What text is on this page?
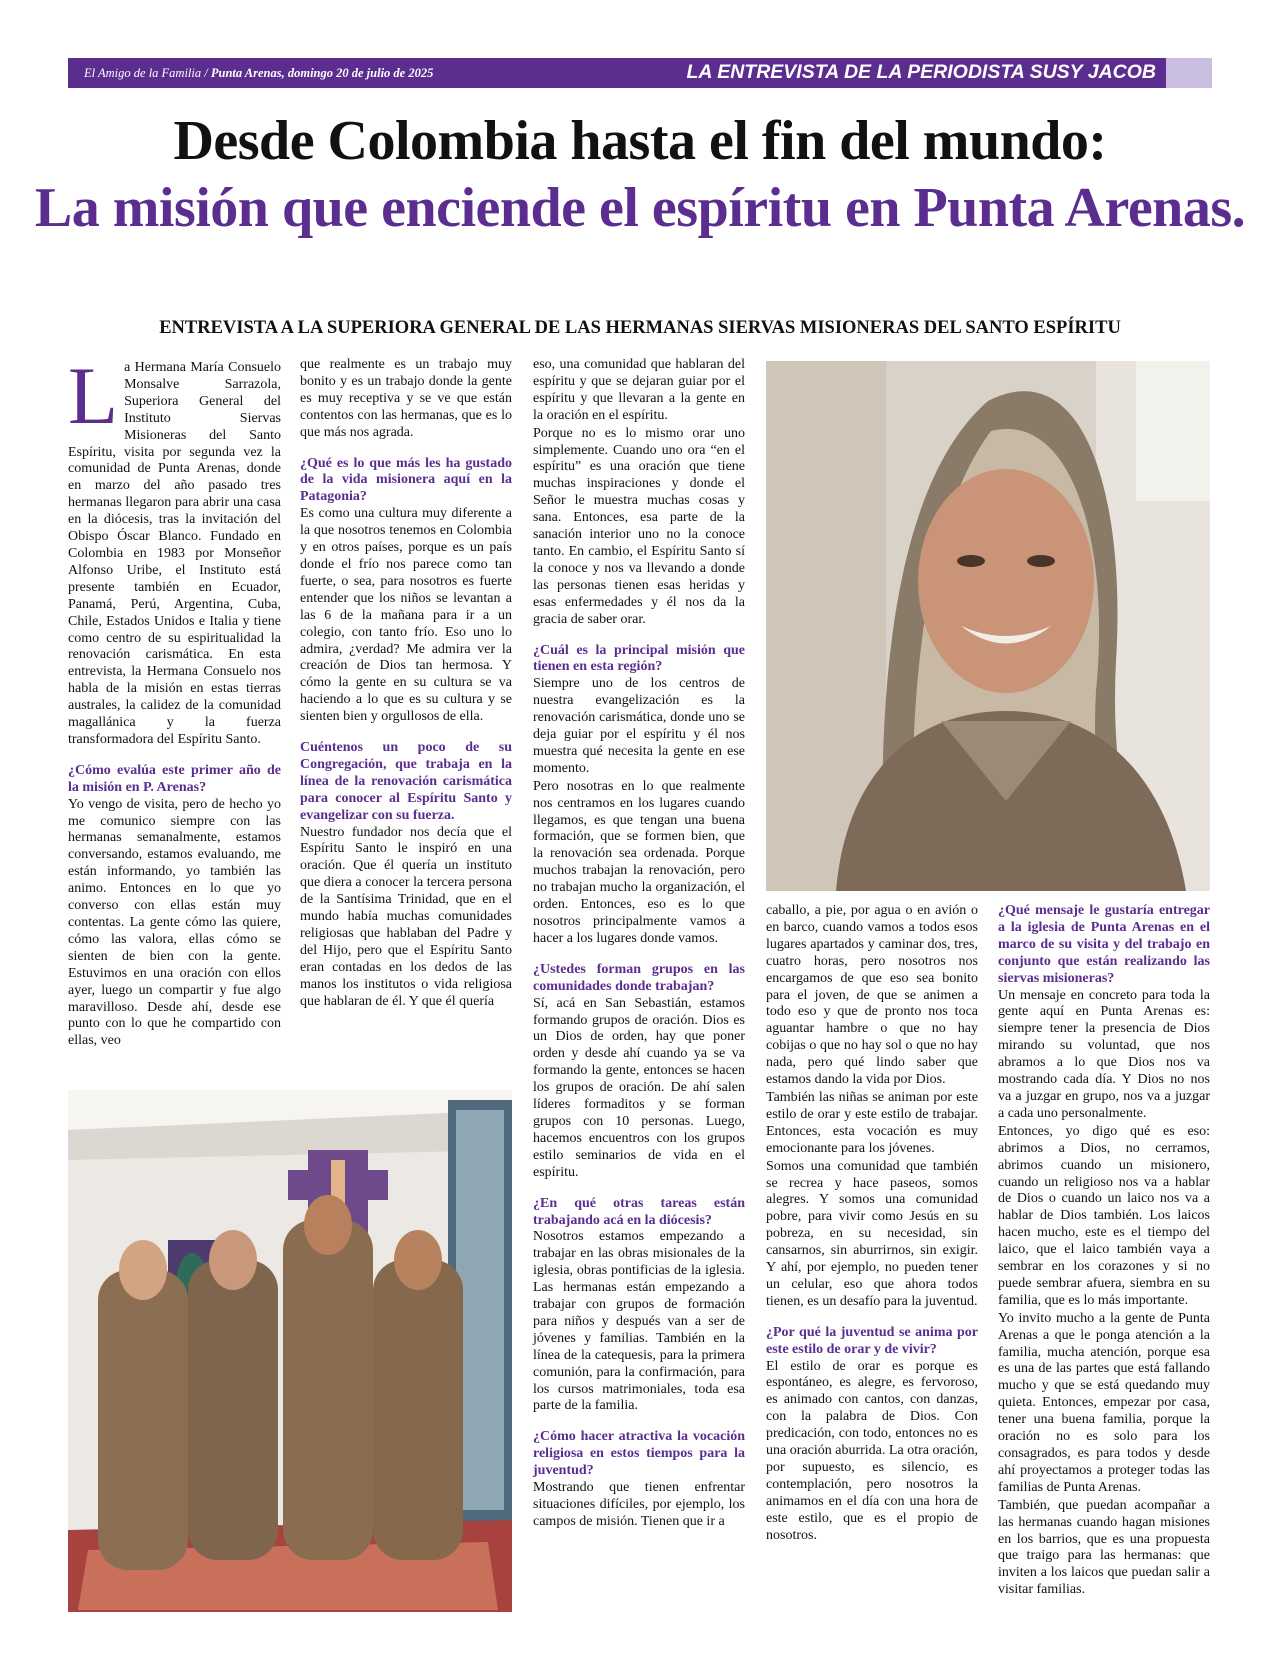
El Amigo de la Familia / Punta Arenas, domingo 20 de julio de 2025	LA ENTREVISTA DE LA PERIODISTA SUSY JACOB
Desde Colombia hasta el fin del mundo:
La misión que enciende el espíritu en Punta Arenas.
ENTREVISTA A LA SUPERIORA GENERAL DE LAS HERMANAS SIERVAS MISIONERAS DEL SANTO ESPÍRITU
L a Hermana María Consuelo Monsalve Sarrazola, Superiora General del Instituto Siervas Misioneras del Santo Espíritu, visita por segunda vez la comunidad de Punta Arenas, donde en marzo del año pasado tres hermanas llegaron para abrir una casa en la diócesis, tras la invitación del Obispo Óscar Blanco. Fundado en Colombia en 1983 por Monseñor Alfonso Uribe, el Instituto está presente también en Ecuador, Panamá, Perú, Argentina, Cuba, Chile, Estados Unidos e Italia y tiene como centro de su espiritualidad la renovación carismática. En esta entrevista, la Hermana Consuelo nos habla de la misión en estas tierras australes, la calidez de la comunidad magallánica y la fuerza transformadora del Espíritu Santo.

¿Cómo evalúa este primer año de la misión en P. Arenas?

Yo vengo de visita, pero de hecho yo me comunico siempre con las hermanas semanalmente, estamos conversando, estamos evaluando, me están informando, yo también las animo. Entonces en lo que yo converso con ellas están muy contentas. La gente cómo las quiere, cómo las valora, ellas cómo se sienten de bien con la gente. Estuvimos en una oración con ellos ayer, luego un compartir y fue algo maravilloso. Desde ahí, desde ese punto con lo que he compartido con ellas, veo

que realmente es un trabajo muy bonito y es un trabajo donde la gente es muy receptiva y se ve que están contentos con las hermanas, que es lo que más nos agrada.

¿Qué es lo que más les ha gustado de la vida misionera aquí en la Patagonia?

Es como una cultura muy diferente a la que nosotros tenemos en Colombia y en otros países, porque es un país donde el frío nos parece como tan fuerte, o sea, para nosotros es fuerte entender que los niños se levantan a las 6 de la mañana para ir a un colegio, con tanto frío. Eso uno lo admira, ¿verdad? Me admira ver la creación de Dios tan hermosa. Y cómo la gente en su cultura se va haciendo a lo que es su cultura y se sienten bien y orgullosos de ella.

Cuéntenos un poco de su Congregación, que trabaja en la línea de la renovación carismática para conocer al Espíritu Santo y evangelizar con su fuerza.

Nuestro fundador nos decía que el Espíritu Santo le inspiró en una oración. Que él quería un instituto que diera a conocer la tercera persona de la Santísima Trinidad, que en el mundo había muchas comunidades religiosas que hablaban del Padre y del Hijo, pero que el Espíritu Santo eran contadas en los dedos de las manos los institutos o vida religiosa que hablaran de él. Y que él quería

eso, una comunidad que hablaran del espíritu y que se dejaran guiar por el espíritu y que llevaran a la gente en la oración en el espíritu.

Porque no es lo mismo orar uno simplemente. Cuando uno ora “en el espíritu” es una oración que tiene muchas inspiraciones y donde el Señor le muestra muchas cosas y sana. Entonces, esa parte de la sanación interior uno no la conoce tanto. En cambio, el Espíritu Santo sí la conoce y nos va llevando a donde las personas tienen esas heridas y esas enfermedades y él nos da la gracia de saber orar.

¿Cuál es la principal misión que tienen en esta región?

Siempre uno de los centros de nuestra evangelización es la renovación carismática, donde uno se deja guiar por el espíritu y él nos muestra qué necesita la gente en ese momento.

Pero nosotras en lo que realmente nos centramos en los lugares cuando llegamos, es que tengan una buena formación, que se formen bien, que la renovación sea ordenada. Porque muchos trabajan la renovación, pero no trabajan mucho la organización, el orden. Entonces, eso es lo que nosotros principalmente vamos a hacer a los lugares donde vamos.

¿Ustedes forman grupos en las comunidades donde trabajan?

Sí, acá en San Sebastián, estamos formando grupos de oración. Dios es un Dios de orden, hay que poner orden y desde ahí cuando ya se va formando la gente, entonces se hacen los grupos de oración. De ahí salen líderes formaditos y se forman grupos con 10 personas. Luego, hacemos encuentros con los grupos estilo seminarios de vida en el espíritu.

¿En qué otras tareas están trabajando acá en la diócesis?

Nosotros estamos empezando a trabajar en las obras misionales de la iglesia, obras pontificias de la iglesia. Las hermanas están empezando a trabajar con grupos de formación para niños y después van a ser de jóvenes y familias. También en la línea de la catequesis, para la primera comunión, para la confirmación, para los cursos matrimoniales, toda esa parte de la familia.

¿Cómo hacer atractiva la vocación religiosa en estos tiempos para la juventud?

Mostrando que tienen enfrentar situaciones difíciles, por ejemplo, los campos de misión. Tienen que ir a

caballo, a pie, por agua o en avión o en barco, cuando vamos a todos esos lugares apartados y caminar dos, tres, cuatro horas, pero nosotros nos encargamos de que eso sea bonito para el joven, de que se animen a todo eso y que de pronto nos toca aguantar hambre o que no hay cobijas o que no hay sol o que no hay nada, pero qué lindo saber que estamos dando la vida por Dios.

También las niñas se animan por este estilo de orar y este estilo de trabajar. Entonces, esta vocación es muy emocionante para los jóvenes.

Somos una comunidad que también se recrea y hace paseos, somos alegres. Y somos una comunidad pobre, para vivir como Jesús en su pobreza, en su necesidad, sin cansarnos, sin aburrirnos, sin exigir. Y ahí, por ejemplo, no pueden tener un celular, eso que ahora todos tienen, es un desafío para la juventud.

¿Por qué la juventud se anima por este estilo de orar y de vivir?

El estilo de orar es porque es espontáneo, es alegre, es fervoroso, es animado con cantos, con danzas, con la palabra de Dios. Con predicación, con todo, entonces no es una oración aburrida. La otra oración, por supuesto, es silencio, es contemplación, pero nosotros la animamos en el día con una hora de este estilo, que es el propio de nosotros.

¿Qué mensaje le gustaría entregar a la iglesia de Punta Arenas en el marco de su visita y del trabajo en conjunto que están realizando las siervas misioneras?

Un mensaje en concreto para toda la gente aquí en Punta Arenas es: siempre tener la presencia de Dios mirando su voluntad, que nos abramos a lo que Dios nos va mostrando cada día. Y Dios no nos va a juzgar en grupo, nos va a juzgar a cada uno personalmente.

Entonces, yo digo qué es eso: abrimos a Dios, no cerramos, abrimos cuando un misionero, cuando un religioso nos va a hablar de Dios o cuando un laico nos va a hablar de Dios también. Los laicos hacen mucho, este es el tiempo del laico, que el laico también vaya a sembrar en los corazones y si no puede sembrar afuera, siembra en su familia, que es lo más importante.

Yo invito mucho a la gente de Punta Arenas a que le ponga atención a la familia, mucha atención, porque esa es una de las partes que está fallando mucho y que se está quedando muy quieta. Entonces, empezar por casa, tener una buena familia, porque la oración no es solo para los consagrados, es para todos y desde ahí proyectamos a proteger todas las familias de Punta Arenas.

También, que puedan acompañar a las hermanas cuando hagan misiones en los barrios, que es una propuesta que traigo para las hermanas: que inviten a los laicos que puedan salir a visitar familias.
